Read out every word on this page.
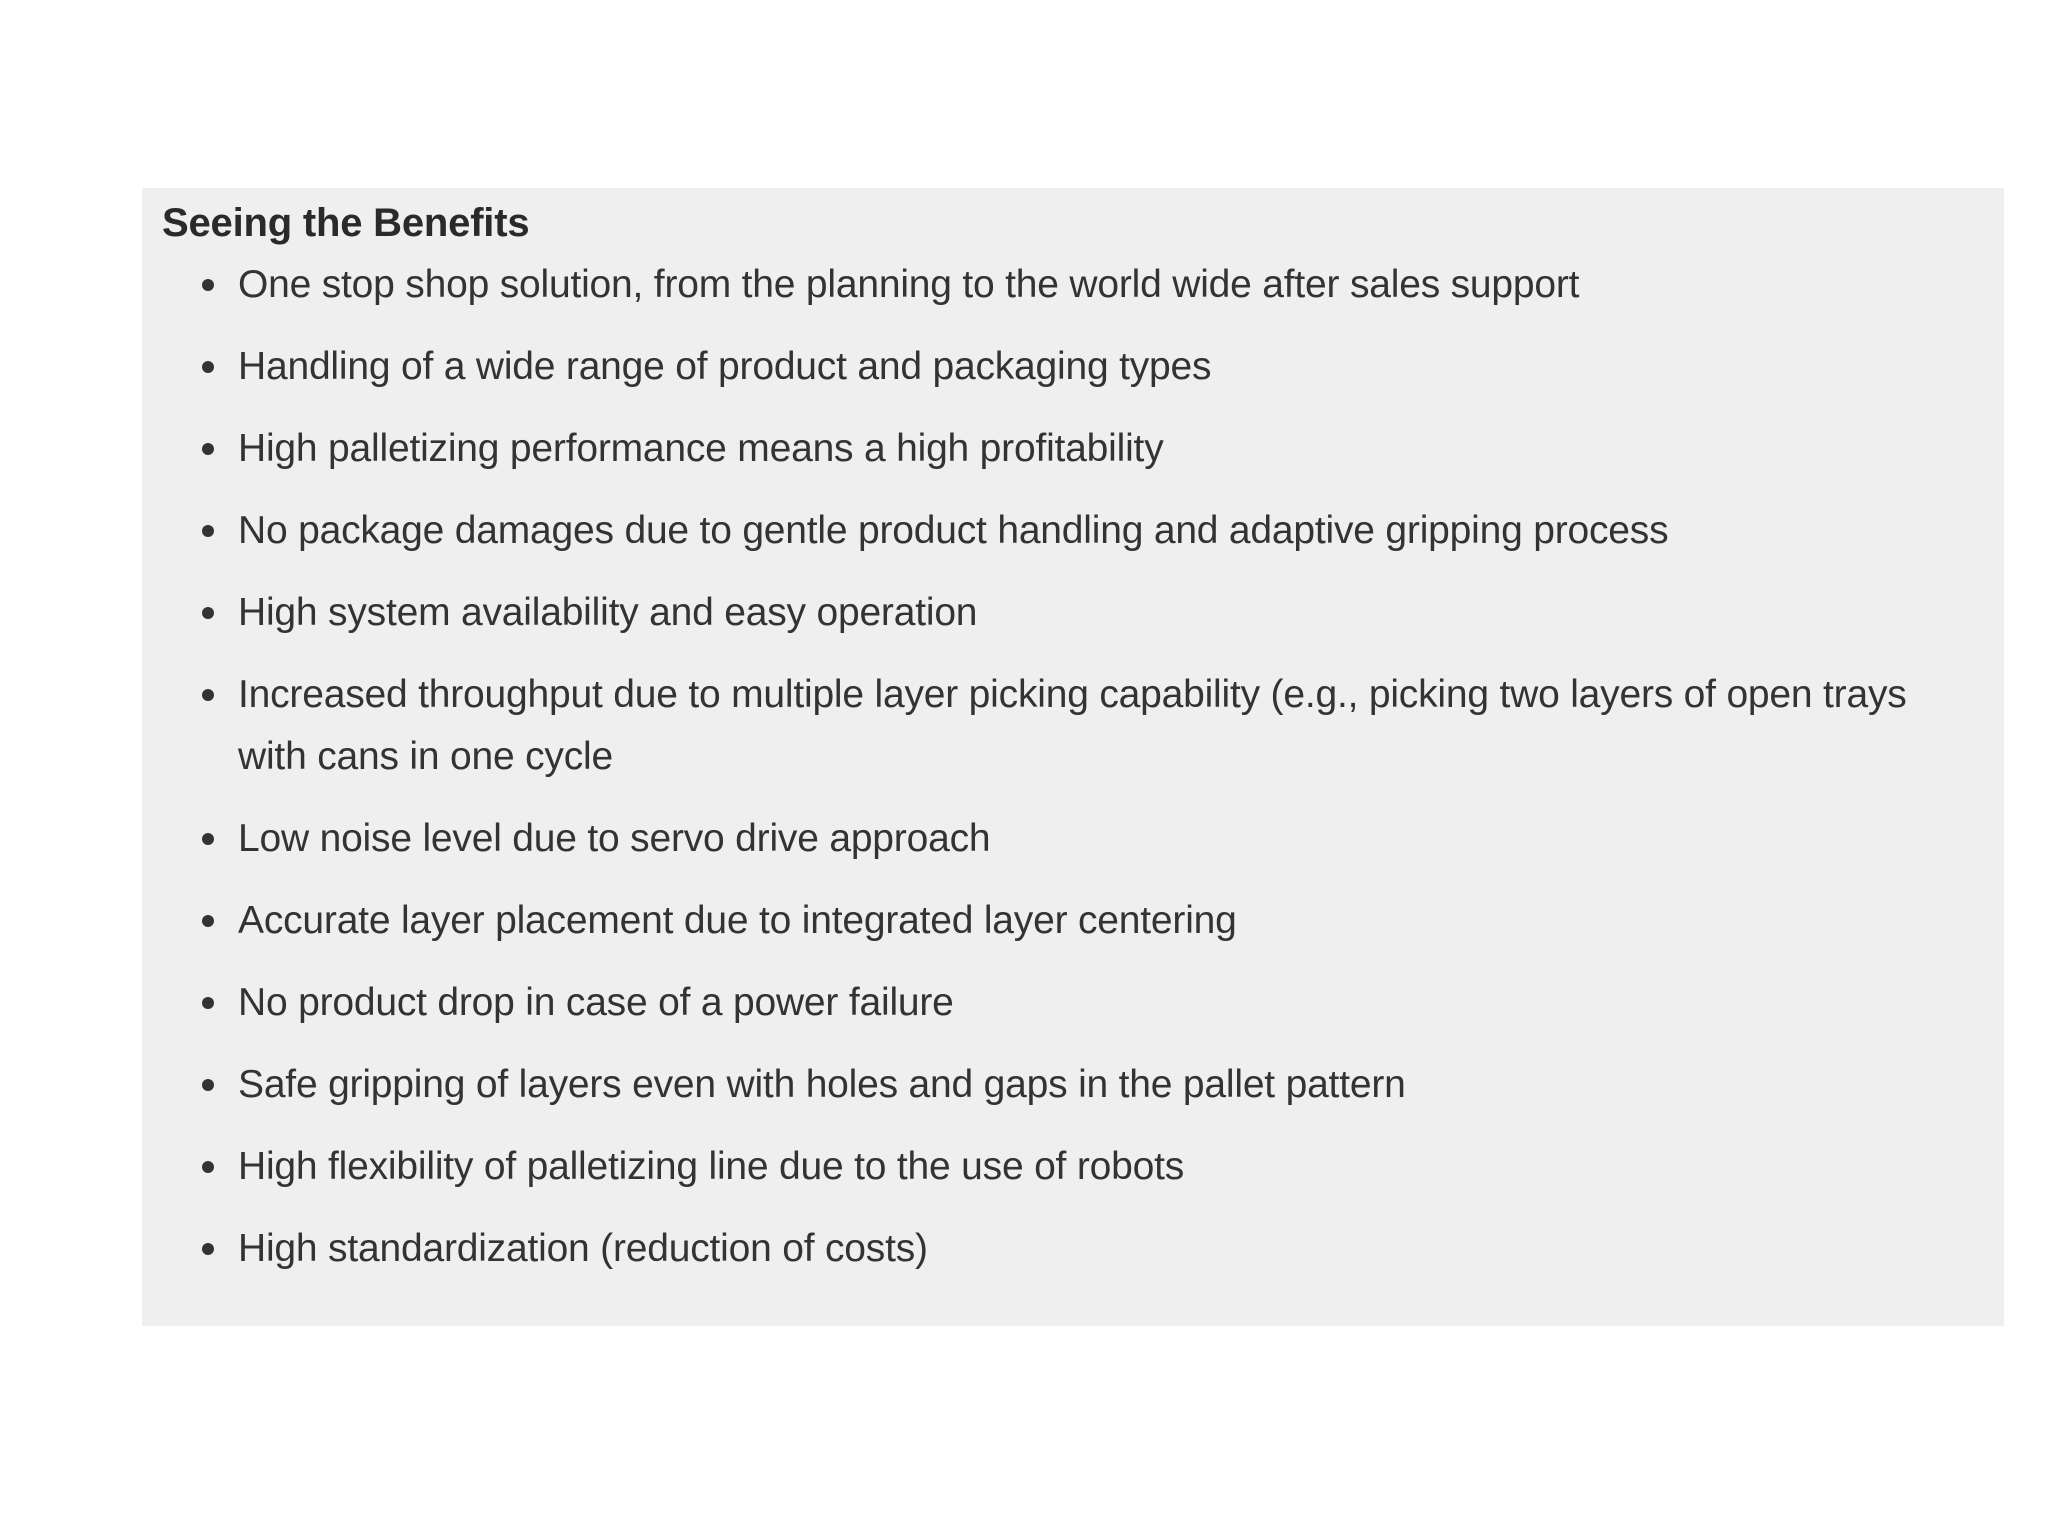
Seeing the Benefits
One stop shop solution, from the planning to the world wide after sales support
Handling of a wide range of product and packaging types
High palletizing performance means a high profitability
No package damages due to gentle product handling and adaptive gripping process
High system availability and easy operation
Increased throughput due to multiple layer picking capability (e.g., picking two layers of open trays with cans in one cycle
Low noise level due to servo drive approach
Accurate layer placement due to integrated layer centering
No product drop in case of a power failure
Safe gripping of layers even with holes and gaps in the pallet pattern
High flexibility of palletizing line due to the use of robots
High standardization (reduction of costs)
